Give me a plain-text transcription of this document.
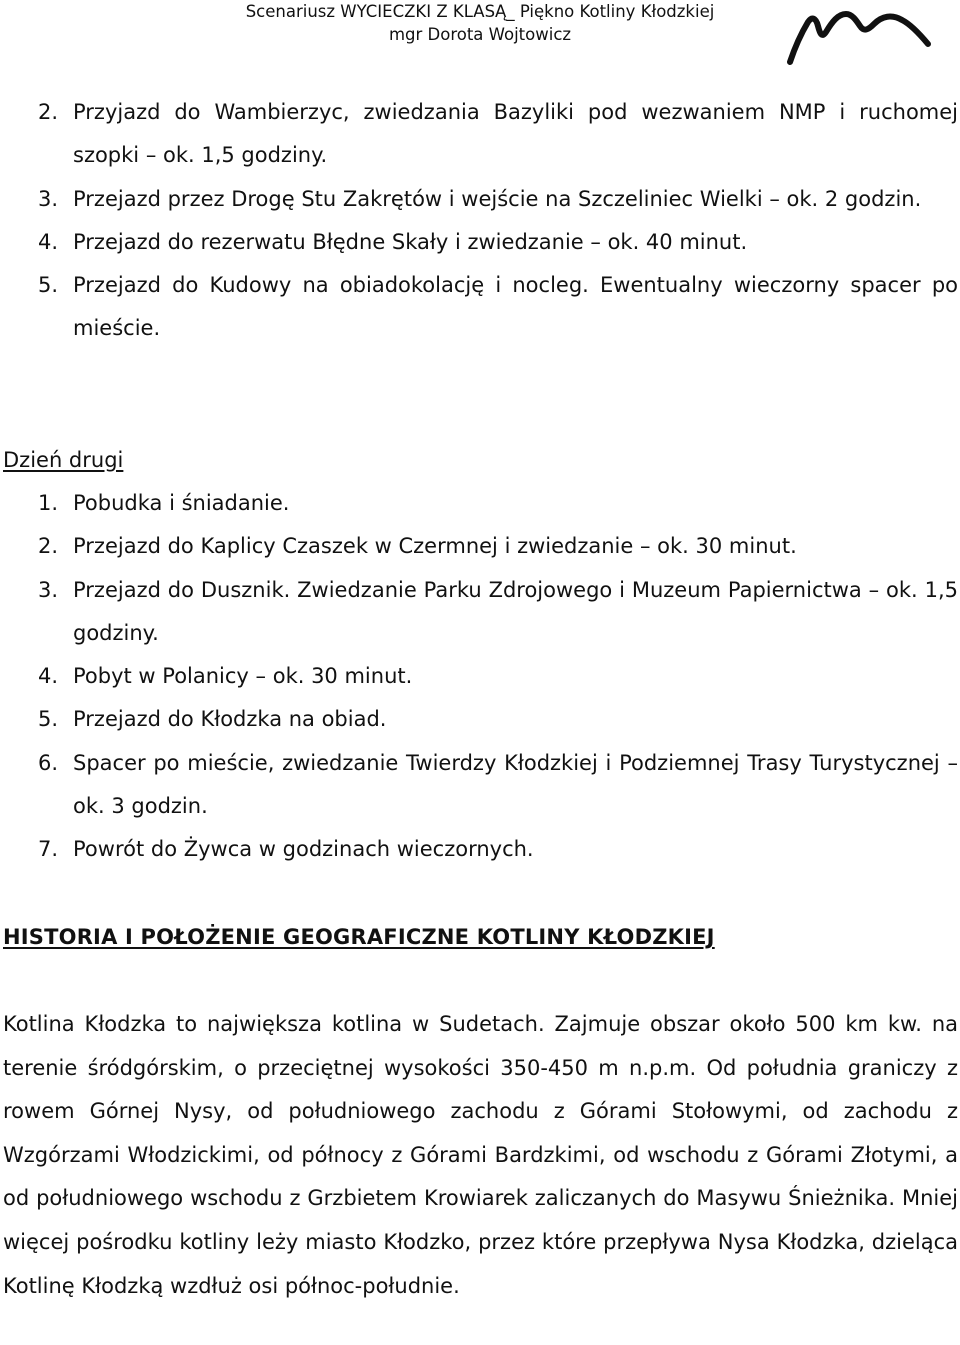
Scenariusz WYCIECZKI Z KLASĄ_ Piękno Kotliny Kłodzkiej
mgr Dorota Wojtowicz
2. Przyjazd do Wambierzyc, zwiedzania Bazyliki pod wezwaniem NMP i ruchomej szopki – ok. 1,5 godziny.
3. Przejazd przez Drogę Stu Zakrętów i wejście na Szczeliniec Wielki – ok. 2 godzin.
4. Przejazd do rezerwatu Błędne Skały i zwiedzanie – ok. 40 minut.
5. Przejazd do Kudowy na obiadokolację i nocleg. Ewentualny wieczorny spacer po mieście.
Dzień drugi
1. Pobudka i śniadanie.
2. Przejazd do Kaplicy Czaszek w Czermnej i zwiedzanie – ok. 30 minut.
3. Przejazd do Dusznik. Zwiedzanie Parku Zdrojowego i Muzeum Papiernictwa – ok. 1,5 godziny.
4. Pobyt w Polanicy – ok. 30 minut.
5. Przejazd do Kłodzka na obiad.
6. Spacer po mieście, zwiedzanie Twierdzy Kłodzkiej i Podziemnej Trasy Turystycznej – ok. 3 godzin.
7. Powrót do Żywca w godzinach wieczornych.
HISTORIA I POŁOŻENIE GEOGRAFICZNE KOTLINY KŁODZKIEJ

Kotlina Kłodzka to największa kotlina w Sudetach. Zajmuje obszar około 500 km kw. na terenie śródgórskim, o przeciętnej wysokości 350-450 m n.p.m. Od południa graniczy z rowem Górnej Nysy, od południowego zachodu z Górami Stołowymi, od zachodu z Wzgórzami Włodzickimi, od północy z Górami Bardzkimi, od wschodu z Górami Złotymi, a od południowego wschodu z Grzbietem Krowiarek zaliczanych do Masywu Śnieżnika. Mniej więcej pośrodku kotliny leży miasto Kłodzko, przez które przepływa Nysa Kłodzka, dzieląca Kotlinę Kłodzką wzdłuż osi północ-południe.
